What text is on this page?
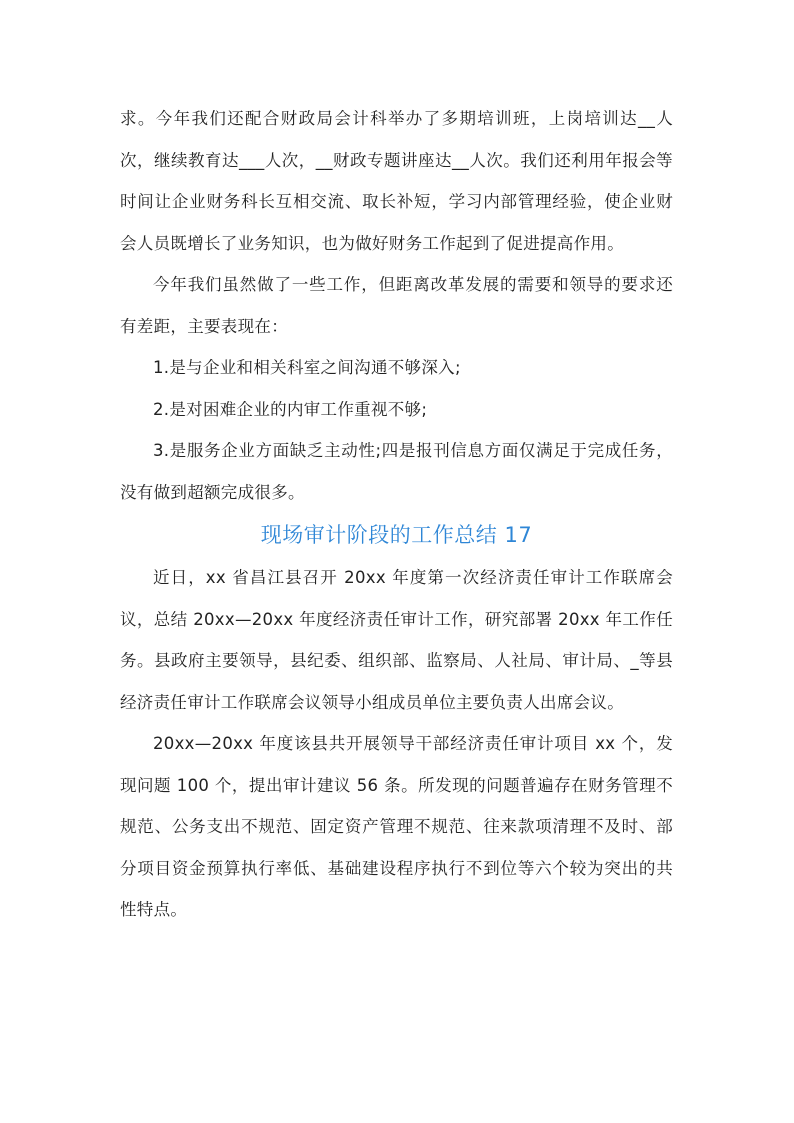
求。今年我们还配合财政局会计科举办了多期培训班，上岗培训达__人次，继续教育达___人次，__财政专题讲座达__人次。我们还利用年报会等时间让企业财务科长互相交流、取长补短，学习内部管理经验，使企业财会人员既增长了业务知识，也为做好财务工作起到了促进提高作用。

今年我们虽然做了一些工作，但距离改革发展的需要和领导的要求还有差距，主要表现在：

1.是与企业和相关科室之间沟通不够深入;

2.是对困难企业的内审工作重视不够;

3.是服务企业方面缺乏主动性;四是报刊信息方面仅满足于完成任务，没有做到超额完成很多。

现场审计阶段的工作总结 17

近日，xx 省昌江县召开 20xx 年度第一次经济责任审计工作联席会议，总结 20xx—20xx 年度经济责任审计工作，研究部署 20xx 年工作任务。县政府主要领导，县纪委、组织部、监察局、人社局、审计局、_等县经济责任审计工作联席会议领导小组成员单位主要负责人出席会议。

20xx—20xx 年度该县共开展领导干部经济责任审计项目 xx 个，发现问题 100 个，提出审计建议 56 条。所发现的问题普遍存在财务管理不规范、公务支出不规范、固定资产管理不规范、往来款项清理不及时、部分项目资金预算执行率低、基础建设程序执行不到位等六个较为突出的共性特点。
